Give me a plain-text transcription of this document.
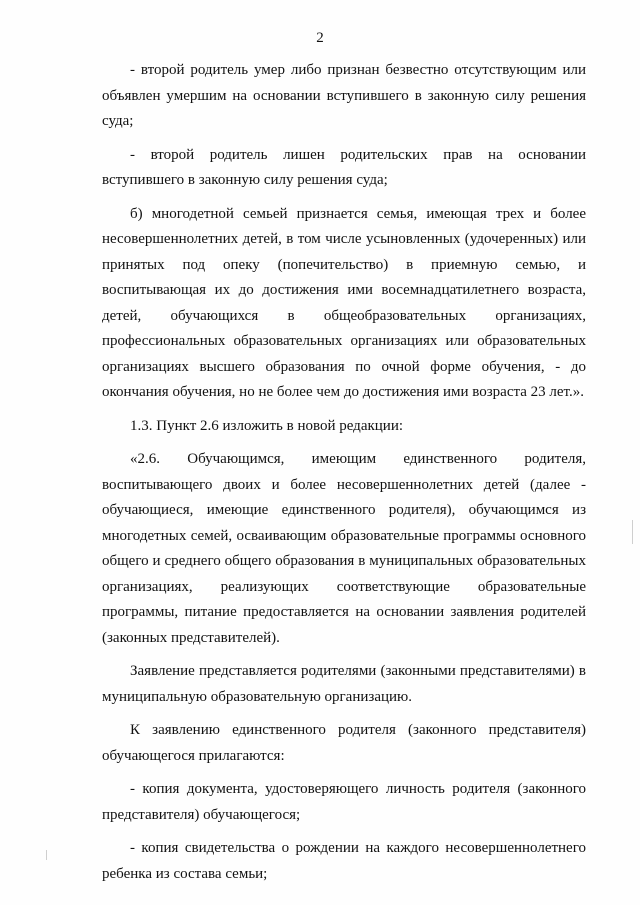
2

- второй родитель умер либо признан безвестно отсутствующим или объявлен умершим на основании вступившего в законную силу решения суда;

- второй родитель лишен родительских прав на основании вступившего в законную силу решения суда;

б) многодетной семьей признается семья, имеющая трех и более несовершеннолетних детей, в том числе усыновленных (удочеренных) или принятых под опеку (попечительство) в приемную семью, и воспитывающая их до достижения ими восемнадцатилетнего возраста, детей, обучающихся в общеобразовательных организациях, профессиональных образовательных организациях или образовательных организациях высшего образования по очной форме обучения, - до окончания обучения, но не более чем до достижения ими возраста 23 лет.».

1.3. Пункт 2.6 изложить в новой редакции:

«2.6. Обучающимся, имеющим единственного родителя, воспитывающего двоих и более несовершеннолетних детей (далее - обучающиеся, имеющие единственного родителя), обучающимся из многодетных семей, осваивающим образовательные программы основного общего и среднего общего образования в муниципальных образовательных организациях, реализующих соответствующие образовательные программы, питание предоставляется на основании заявления родителей (законных представителей).

Заявление представляется родителями (законными представителями) в муниципальную образовательную организацию.

К заявлению единственного родителя (законного представителя) обучающегося прилагаются:

- копия документа, удостоверяющего личность родителя (законного представителя) обучающегося;

- копия свидетельства о рождении на каждого несовершеннолетнего ребенка из состава семьи;
